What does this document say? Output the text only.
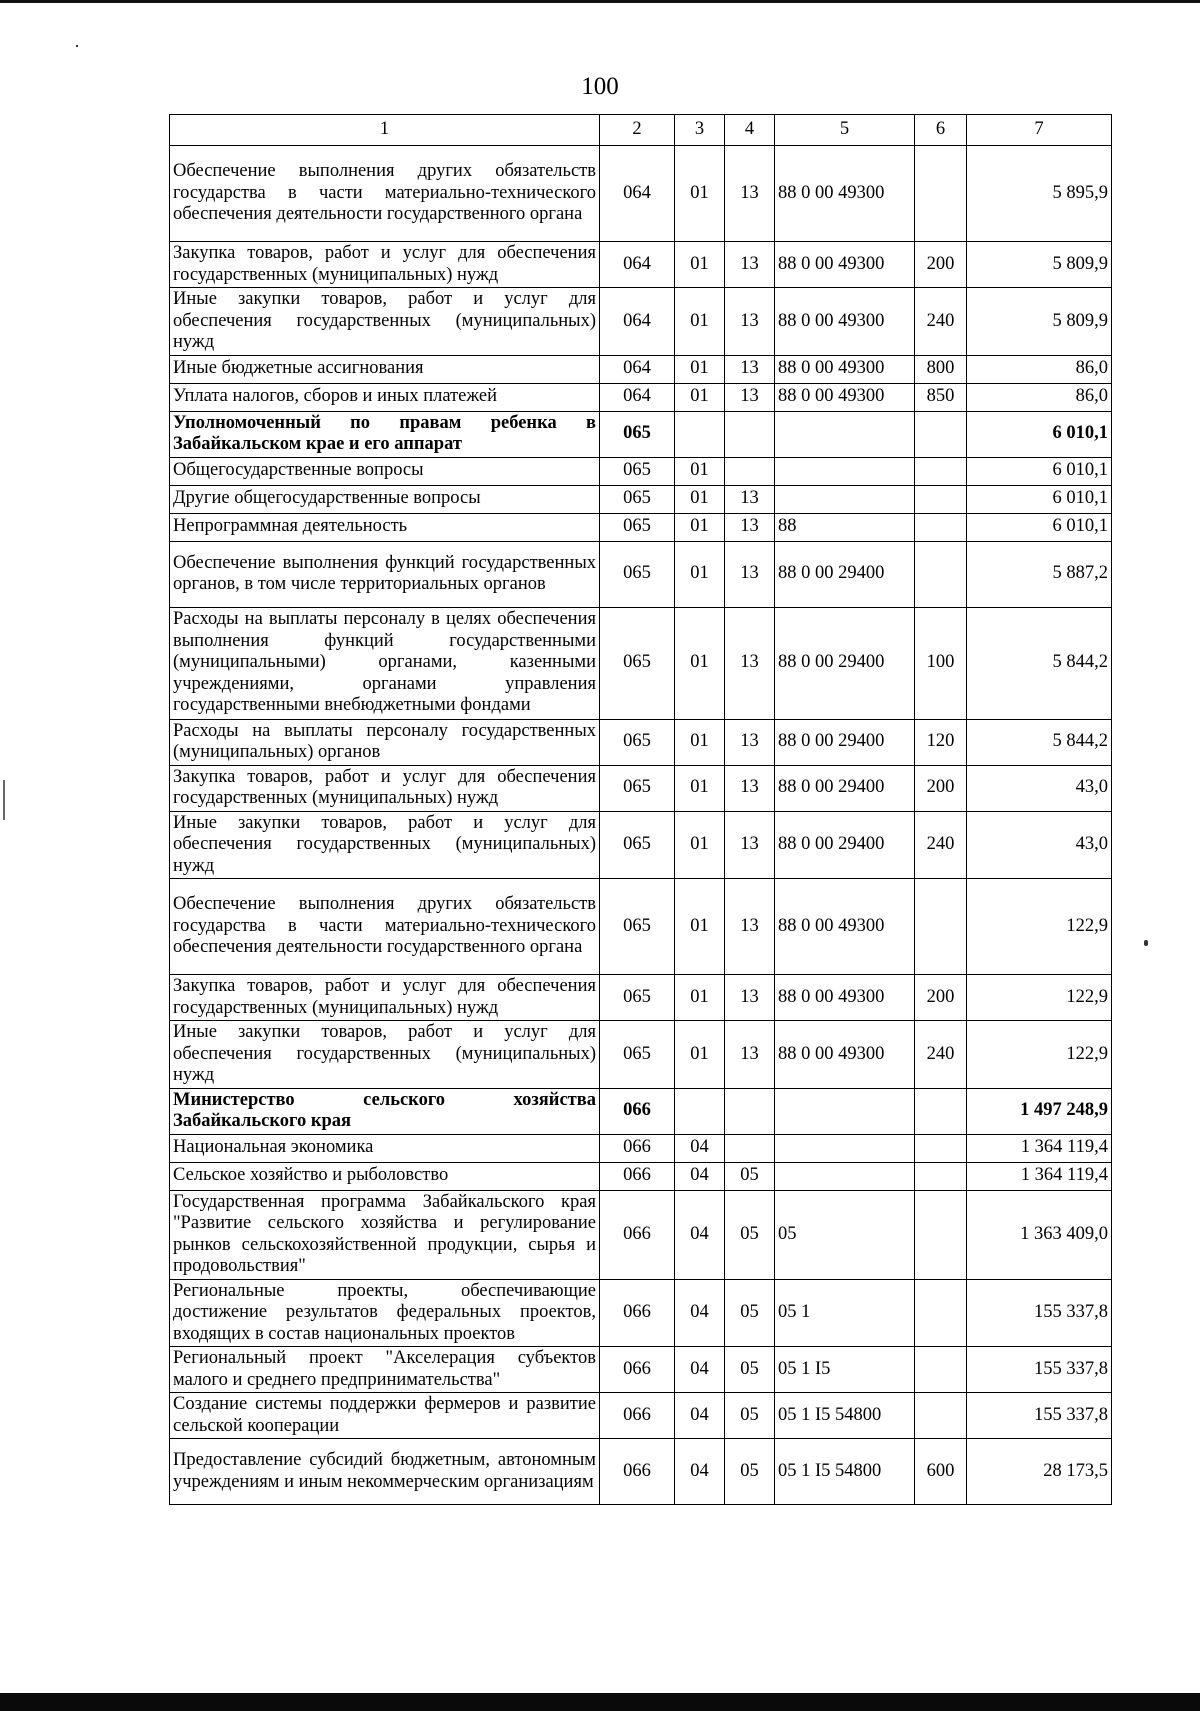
100
1	2	3	4	5	6	7
Обеспечение выполнения других обязательств государства в части материально-технического обеспечения деятельности государственного органа	064	01	13	88 0 00 49300		5 895,9
Закупка товаров, работ и услуг для обеспечения государственных (муниципальных) нужд	064	01	13	88 0 00 49300	200	5 809,9
Иные закупки товаров, работ и услуг для обеспечения государственных (муниципальных) нужд	064	01	13	88 0 00 49300	240	5 809,9
Иные бюджетные ассигнования	064	01	13	88 0 00 49300	800	86,0
Уплата налогов, сборов и иных платежей	064	01	13	88 0 00 49300	850	86,0
Уполномоченный по правам ребенка в Забайкальском крае и его аппарат	065					6 010,1
Общегосударственные вопросы	065	01				6 010,1
Другие общегосударственные вопросы	065	01	13			6 010,1
Непрограммная деятельность	065	01	13	88		6 010,1
Обеспечение выполнения функций государственных органов, в том числе территориальных органов	065	01	13	88 0 00 29400		5 887,2
Расходы на выплаты персоналу в целях обеспечения выполнения функций государственными (муниципальными) органами, казенными учреждениями, органами управления государственными внебюджетными фондами	065	01	13	88 0 00 29400	100	5 844,2
Расходы на выплаты персоналу государственных (муниципальных) органов	065	01	13	88 0 00 29400	120	5 844,2
Закупка товаров, работ и услуг для обеспечения государственных (муниципальных) нужд	065	01	13	88 0 00 29400	200	43,0
Иные закупки товаров, работ и услуг для обеспечения государственных (муниципальных) нужд	065	01	13	88 0 00 29400	240	43,0
Обеспечение выполнения других обязательств государства в части материально-технического обеспечения деятельности государственного органа	065	01	13	88 0 00 49300		122,9
Закупка товаров, работ и услуг для обеспечения государственных (муниципальных) нужд	065	01	13	88 0 00 49300	200	122,9
Иные закупки товаров, работ и услуг для обеспечения государственных (муниципальных) нужд	065	01	13	88 0 00 49300	240	122,9
Министерство сельского хозяйства Забайкальского края	066					1 497 248,9
Национальная экономика	066	04				1 364 119,4
Сельское хозяйство и рыболовство	066	04	05			1 364 119,4
Государственная программа Забайкальского края "Развитие сельского хозяйства и регулирование рынков сельскохозяйственной продукции, сырья и продовольствия"	066	04	05	05		1 363 409,0
Региональные проекты, обеспечивающие достижение результатов федеральных проектов, входящих в состав национальных проектов	066	04	05	05 1		155 337,8
Региональный проект "Акселерация субъектов малого и среднего предпринимательства"	066	04	05	05 1 I5		155 337,8
Создание системы поддержки фермеров и развитие сельской кооперации	066	04	05	05 1 I5 54800		155 337,8
Предоставление субсидий бюджетным, автономным учреждениям и иным некоммерческим организациям	066	04	05	05 1 I5 54800	600	28 173,5
